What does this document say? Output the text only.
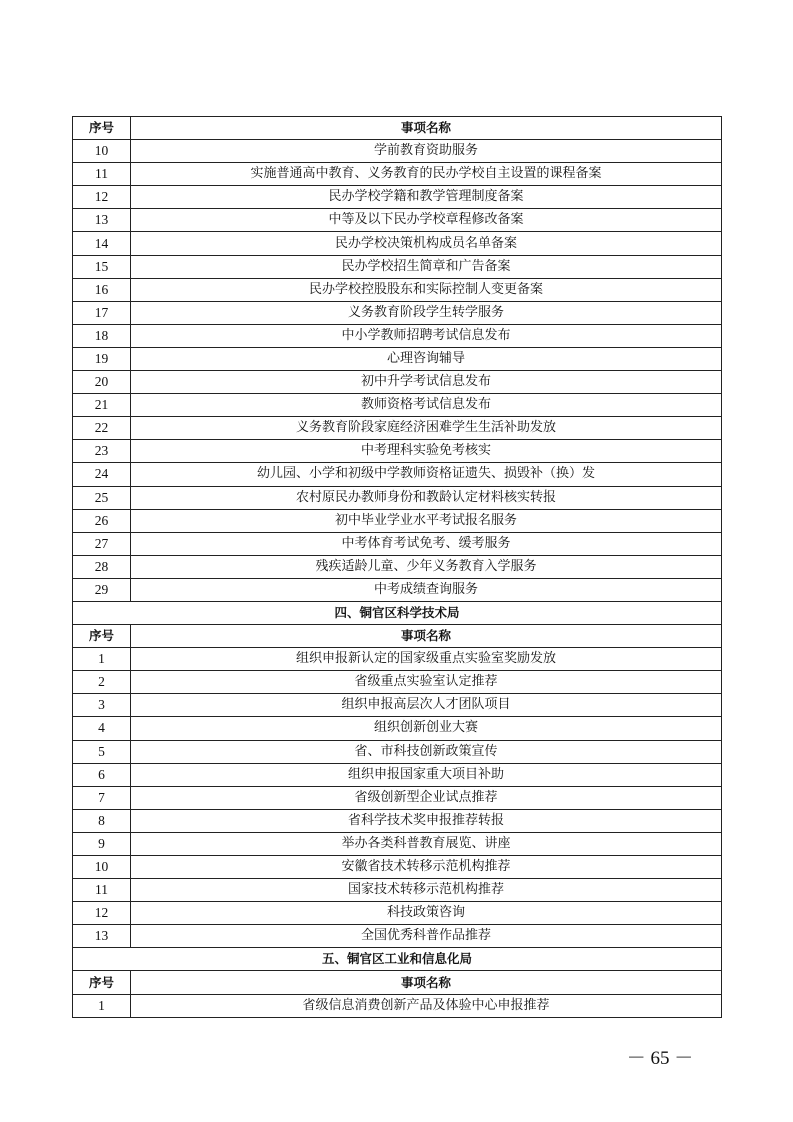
序号	事项名称
10	学前教育资助服务
11	实施普通高中教育、义务教育的民办学校自主设置的课程备案
12	民办学校学籍和教学管理制度备案
13	中等及以下民办学校章程修改备案
14	民办学校决策机构成员名单备案
15	民办学校招生简章和广告备案
16	民办学校控股股东和实际控制人变更备案
17	义务教育阶段学生转学服务
18	中小学教师招聘考试信息发布
19	心理咨询辅导
20	初中升学考试信息发布
21	教师资格考试信息发布
22	义务教育阶段家庭经济困难学生生活补助发放
23	中考理科实验免考核实
24	幼儿园、小学和初级中学教师资格证遗失、损毁补（换）发
25	农村原民办教师身份和教龄认定材料核实转报
26	初中毕业学业水平考试报名服务
27	中考体育考试免考、缓考服务
28	残疾适龄儿童、少年义务教育入学服务
29	中考成绩查询服务
四、铜官区科学技术局	
序号	事项名称
1	组织申报新认定的国家级重点实验室奖励发放
2	省级重点实验室认定推荐
3	组织申报高层次人才团队项目
4	组织创新创业大赛
5	省、市科技创新政策宣传
6	组织申报国家重大项目补助
7	省级创新型企业试点推荐
8	省科学技术奖申报推荐转报
9	举办各类科普教育展览、讲座
10	安徽省技术转移示范机构推荐
11	国家技术转移示范机构推荐
12	科技政策咨询
13	全国优秀科普作品推荐
五、铜官区工业和信息化局	
序号	事项名称
1	省级信息消费创新产品及体验中心申报推荐
－ 65 －
